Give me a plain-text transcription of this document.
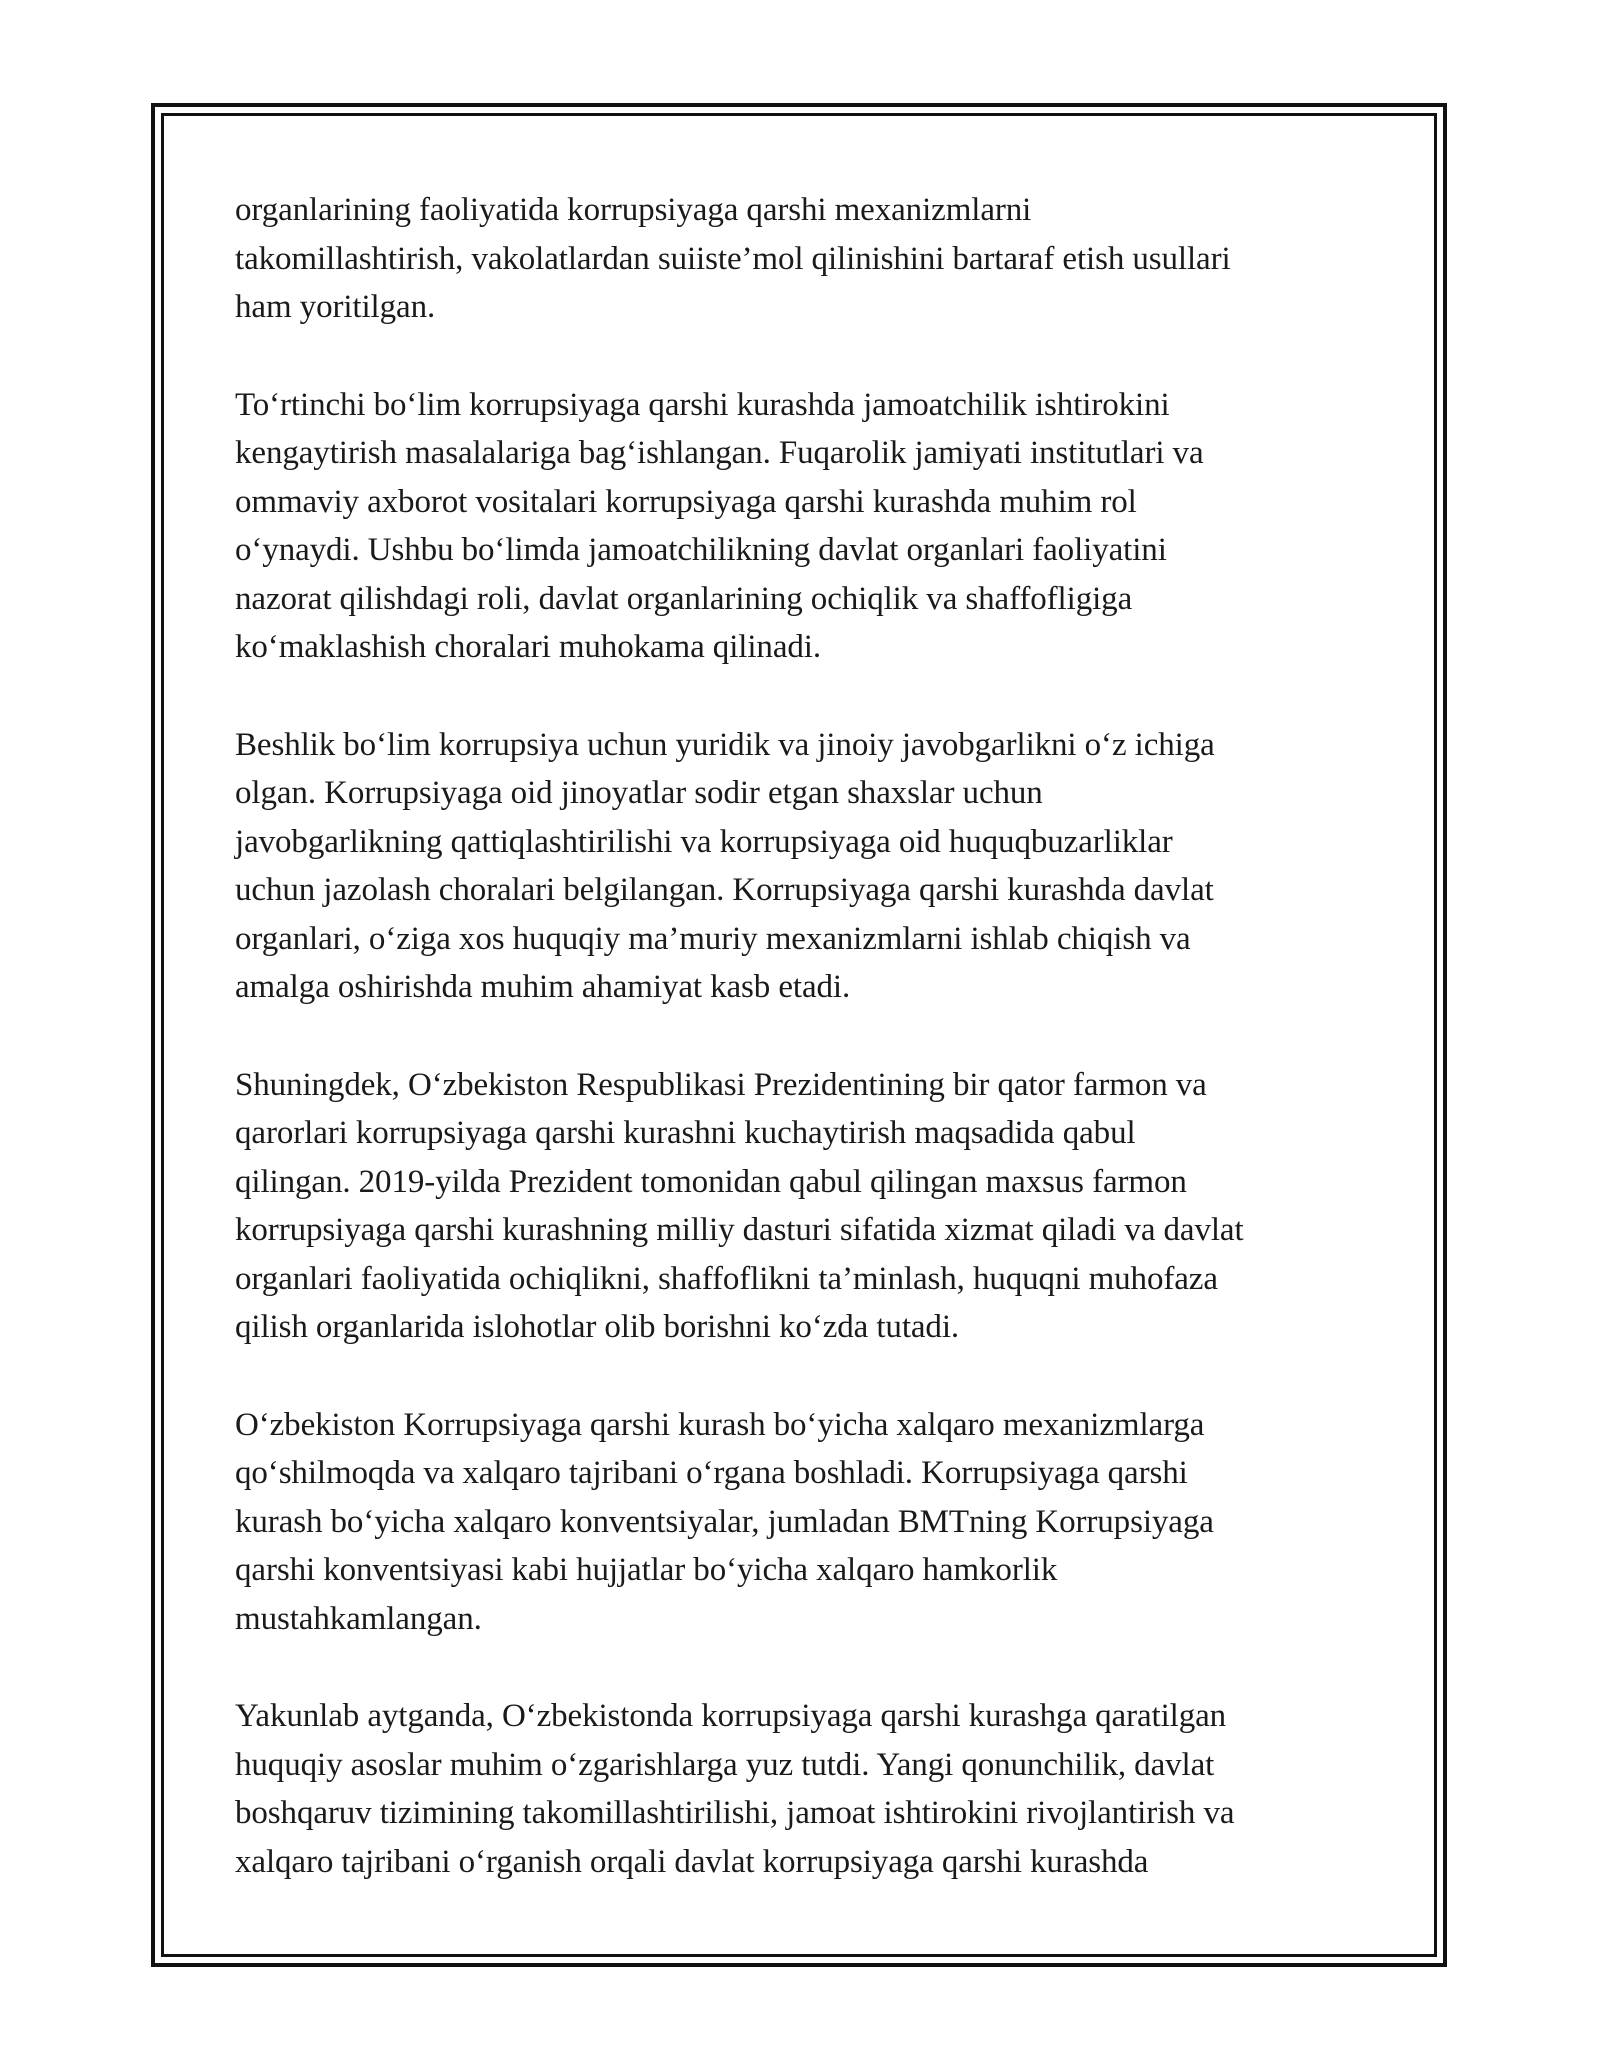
organlarining faoliyatida korrupsiyaga qarshi mexanizmlarni
takomillashtirish, vakolatlardan suiiste’mol qilinishini bartaraf etish usullari
ham yoritilgan.

To‘rtinchi bo‘lim korrupsiyaga qarshi kurashda jamoatchilik ishtirokini
kengaytirish masalalariga bag‘ishlangan. Fuqarolik jamiyati institutlari va
ommaviy axborot vositalari korrupsiyaga qarshi kurashda muhim rol
o‘ynaydi. Ushbu bo‘limda jamoatchilikning davlat organlari faoliyatini
nazorat qilishdagi roli, davlat organlarining ochiqlik va shaffofligiga
ko‘maklashish choralari muhokama qilinadi.

Beshlik bo‘lim korrupsiya uchun yuridik va jinoiy javobgarlikni o‘z ichiga
olgan. Korrupsiyaga oid jinoyatlar sodir etgan shaxslar uchun
javobgarlikning qattiqlashtirilishi va korrupsiyaga oid huquqbuzarliklar
uchun jazolash choralari belgilangan. Korrupsiyaga qarshi kurashda davlat
organlari, o‘ziga xos huquqiy ma’muriy mexanizmlarni ishlab chiqish va
amalga oshirishda muhim ahamiyat kasb etadi.

Shuningdek, O‘zbekiston Respublikasi Prezidentining bir qator farmon va
qarorlari korrupsiyaga qarshi kurashni kuchaytirish maqsadida qabul
qilingan. 2019-yilda Prezident tomonidan qabul qilingan maxsus farmon
korrupsiyaga qarshi kurashning milliy dasturi sifatida xizmat qiladi va davlat
organlari faoliyatida ochiqlikni, shaffoflikni ta’minlash, huquqni muhofaza
qilish organlarida islohotlar olib borishni ko‘zda tutadi.

O‘zbekiston Korrupsiyaga qarshi kurash bo‘yicha xalqaro mexanizmlarga
qo‘shilmoqda va xalqaro tajribani o‘rgana boshladi. Korrupsiyaga qarshi
kurash bo‘yicha xalqaro konventsiyalar, jumladan BMTning Korrupsiyaga
qarshi konventsiyasi kabi hujjatlar bo‘yicha xalqaro hamkorlik
mustahkamlangan.

Yakunlab aytganda, O‘zbekistonda korrupsiyaga qarshi kurashga qaratilgan
huquqiy asoslar muhim o‘zgarishlarga yuz tutdi. Yangi qonunchilik, davlat
boshqaruv tizimining takomillashtirilishi, jamoat ishtirokini rivojlantirish va
xalqaro tajribani o‘rganish orqali davlat korrupsiyaga qarshi kurashda
